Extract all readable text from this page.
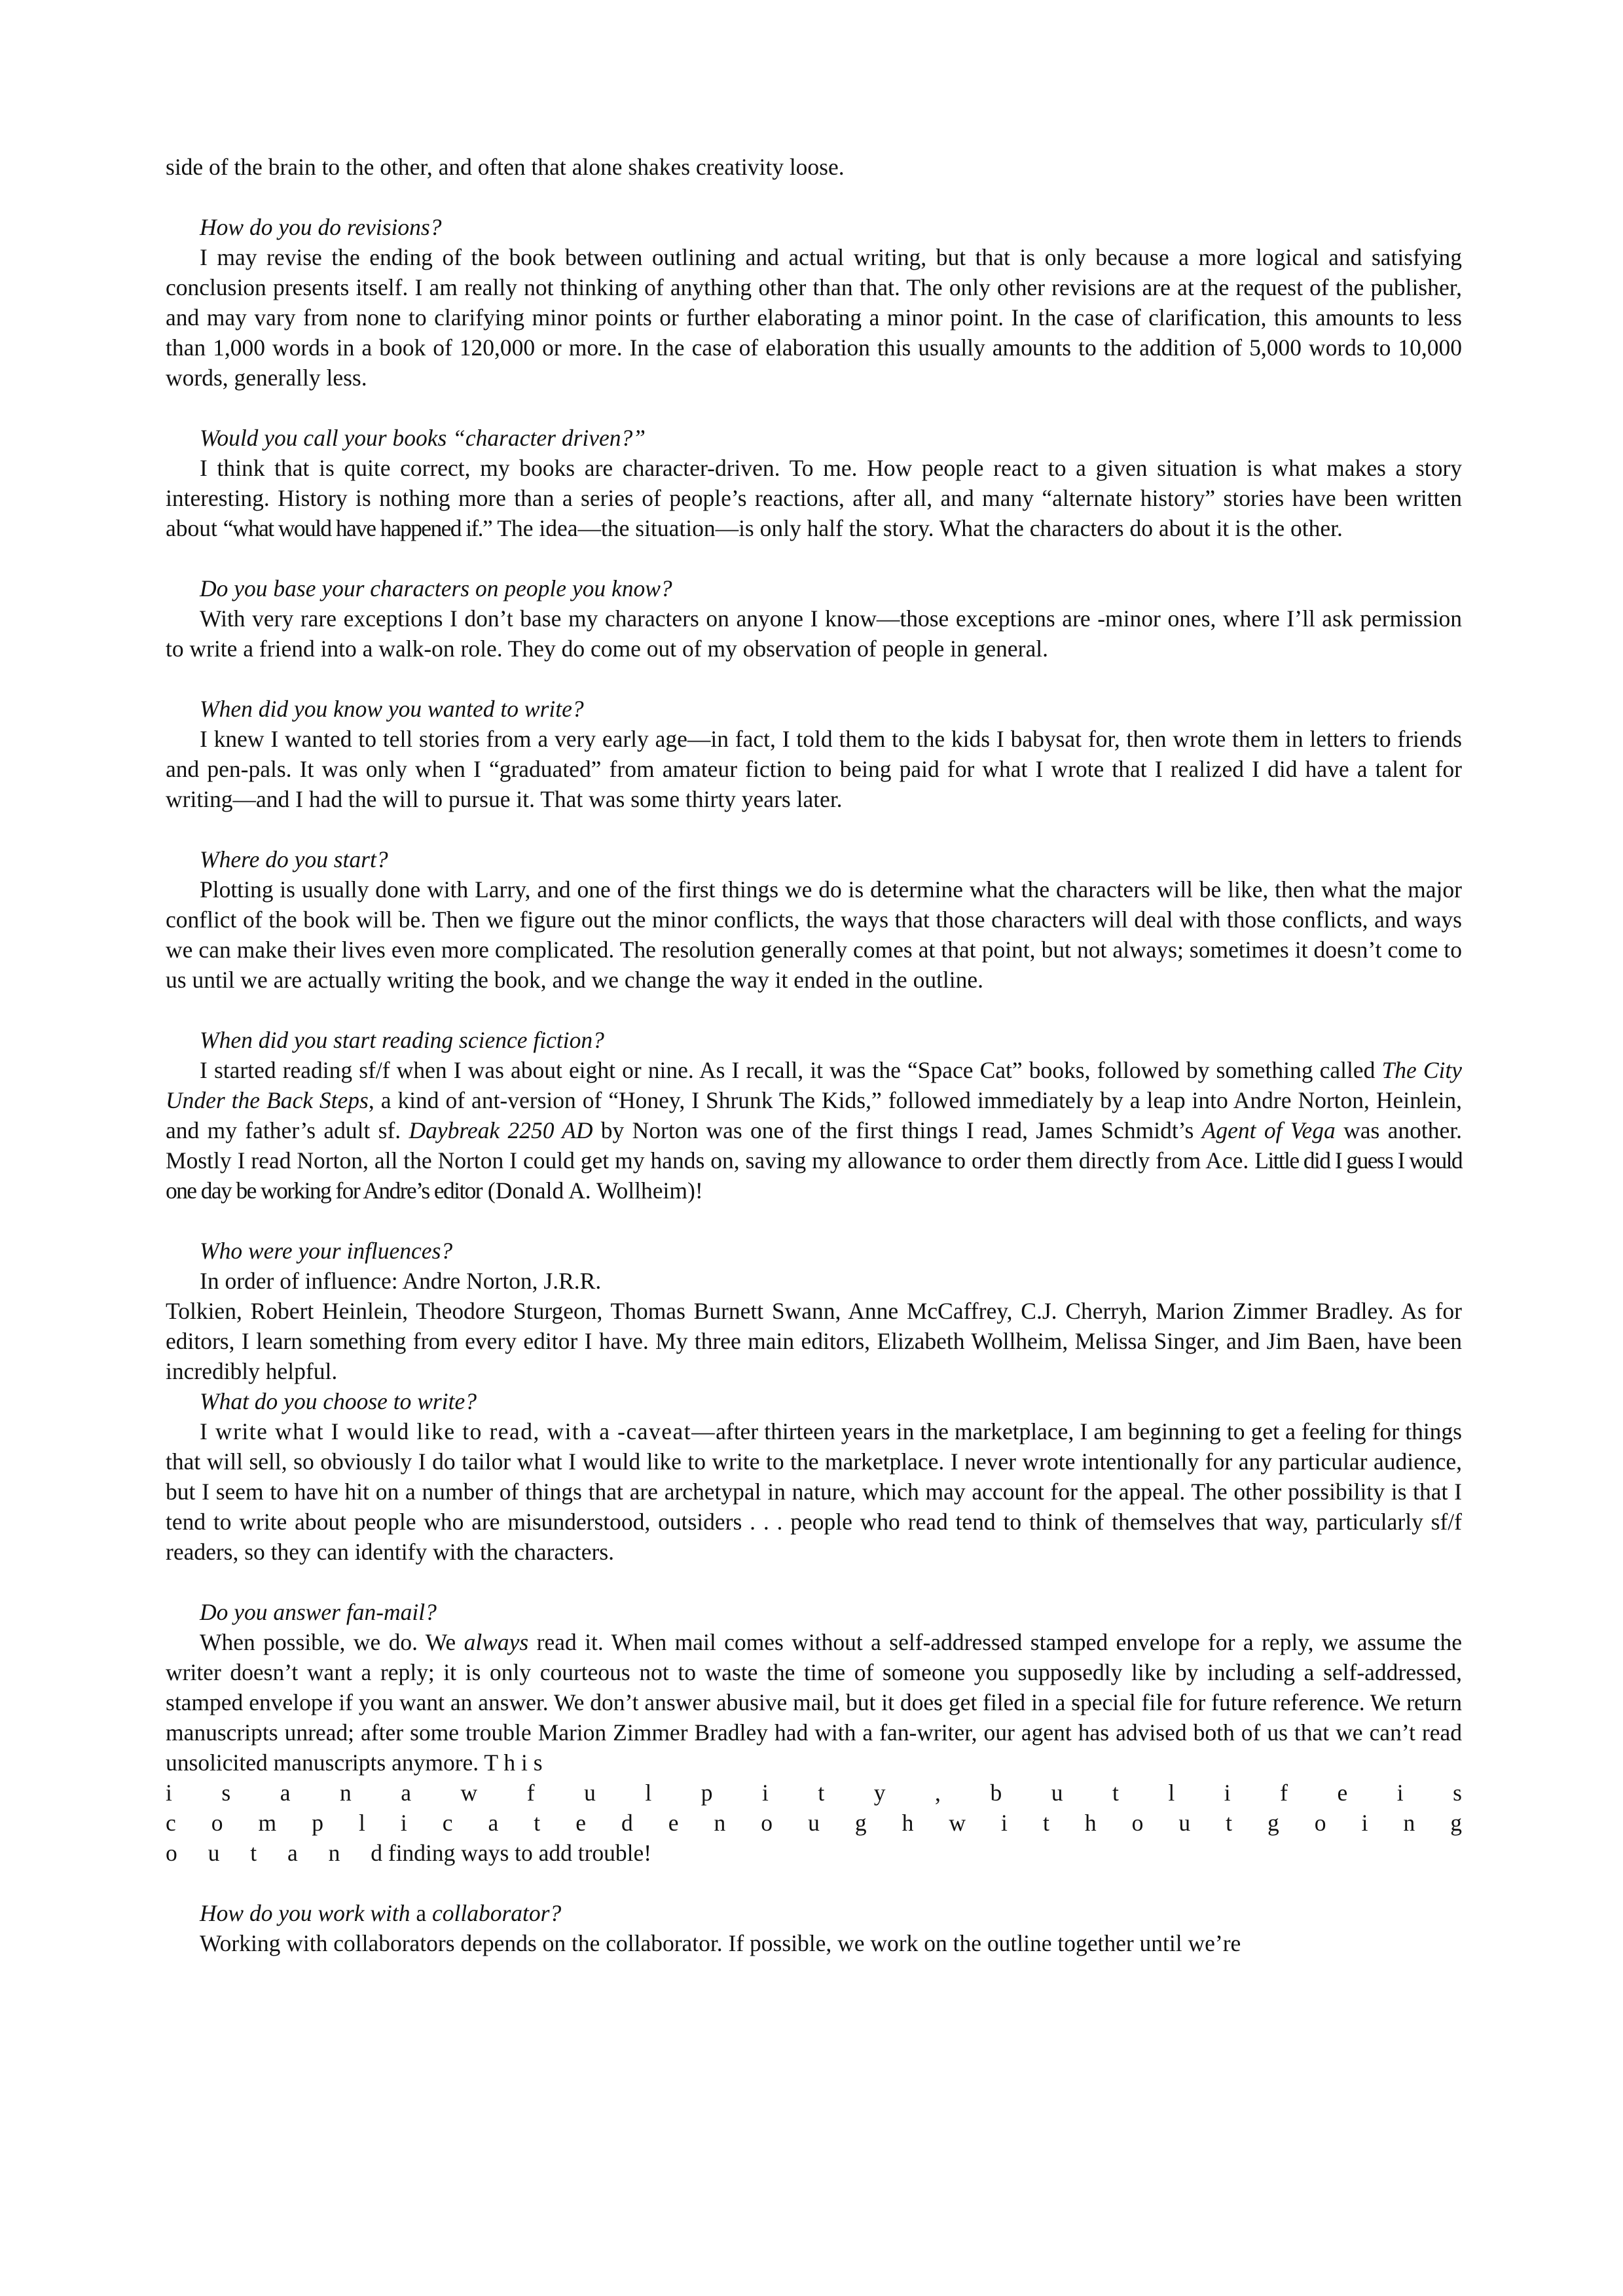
side of the brain to the other, and often that alone shakes creativity loose.

How do you do revisions?

I may revise the ending of the book between outlining and actual writing, but that is only because a more logical and satisfying conclusion presents itself. I am really not thinking of anything other than that. The only other revisions are at the request of the publisher, and may vary from none to clarifying minor points or further elaborating a minor point. In the case of clarification, this amounts to less than 1,000 words in a book of 120,000 or more. In the case of elaboration this usually amounts to the addition of 5,000 words to 10,000 words, generally less.

Would you call your books “character driven?”

I think that is quite correct, my books are character-driven. To me. How people react to a given situation is what makes a story interesting. History is nothing more than a series of people’s reactions, after all, and many “alternate history” stories have been written about “what would have happened if.” The idea—the situation—is only half the story. What the characters do about it is the other.

Do you base your characters on people you know?

With very rare exceptions I don’t base my characters on anyone I know—those exceptions are -minor ones, where I’ll ask permission to write a friend into a walk-on role. They do come out of my observation of people in general.

When did you know you wanted to write?

I knew I wanted to tell stories from a very early age—in fact, I told them to the kids I babysat for, then wrote them in letters to friends and pen-pals. It was only when I “graduated” from amateur fiction to being paid for what I wrote that I realized I did have a talent for writing—and I had the will to pursue it. That was some thirty years later.

Where do you start?

Plotting is usually done with Larry, and one of the first things we do is determine what the characters will be like, then what the major conflict of the book will be. Then we figure out the minor conflicts, the ways that those characters will deal with those conflicts, and ways we can make their lives even more complicated. The resolution generally comes at that point, but not always; sometimes it doesn’t come to us until we are actually writing the book, and we change the way it ended in the outline.

When did you start reading science fiction?

I started reading sf/f when I was about eight or nine. As I recall, it was the “Space Cat” books, followed by something called The City Under the Back Steps, a kind of ant-version of “Honey, I Shrunk The Kids,” followed immediately by a leap into Andre Norton, Heinlein, and my father’s adult sf. Daybreak 2250 AD by Norton was one of the first things I read, James Schmidt’s Agent of Vega was another. Mostly I read Norton, all the Norton I could get my hands on, saving my allowance to order them directly from Ace. Little did I guess I would one day be working for Andre’s editor (Donald A. Wollheim)!

Who were your influences?

In order of influence: Andre Norton, J.R.R.

Tolkien, Robert Heinlein, Theodore Sturgeon, Thomas Burnett Swann, Anne McCaffrey, C.J. Cherryh, Marion Zimmer Bradley. As for editors, I learn something from every editor I have. My three main editors, Elizabeth Wollheim, Melissa Singer, and Jim Baen, have been incredibly helpful.

What do you choose to write?

I write what I would like to read, with a -caveat—after thirteen years in the marketplace, I am beginning to get a feeling for things that will sell, so obviously I do tailor what I would like to write to the marketplace. I never wrote intentionally for any particular audience, but I seem to have hit on a number of things that are archetypal in nature, which may account for the appeal. The other possibility is that I tend to write about people who are misunderstood, outsiders . . . people who read tend to think of themselves that way, particularly sf/f readers, so they can identify with the characters.

Do you answer fan-mail?

When possible, we do. We always read it. When mail comes without a self-addressed stamped envelope for a reply, we assume the writer doesn’t want a reply; it is only courteous not to waste the time of someone you supposedly like by including a self-addressed, stamped envelope if you want an answer. We don’t answer abusive mail, but it does get filed in a special file for future reference. We return manuscripts unread; after some trouble Marion Zimmer Bradley had with a fan-writer, our agent has advised both of us that we can’t read unsolicited manuscripts anymore. T h i s

i s a n a w f u l p i t y , b u t l i f e i s

c o m p l i c a t e d e n o u g h w i t h o u t g o i n g

o u t a n d finding ways to add trouble!

How do you work with a collaborator?

Working with collaborators depends on the collaborator. If possible, we work on the outline together until we’re
